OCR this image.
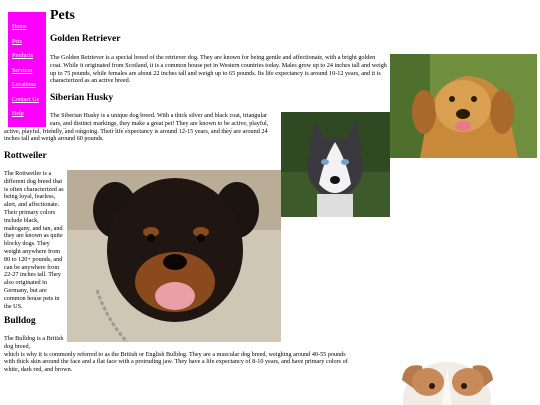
Home
Pets
Products
Services
Locations
Contact Us
Help
Pets
Golden Retriever

The Golden Retriever is a special breed of the retriever dog. They are known for being gentle and affectionate, with a bright golden coat. While it originated from Scotland, it is a common house pet in Western countries today. Males grow up to 24 inches tall and weigh up to 75 pounds, while females are about 22 inches tall and weigh up to 65 pounds. Its life expectancy is around 10-12 years, and it is characterized as an active breed.

Siberian Husky

The Siberian Husky is a unique dog breed. With a thick silver and black coat, triangular ears, and distinct markings, they make a great pet! They are known to be active, playful,

active, playful, friendly, and outgoing. Their life expectancy is around 12-15 years, and they are around 24 inches tall and weigh around 60 pounds.

Rottweiler

The Rottweiler is a different dog breed that is often characterized as being loyal, fearless, alert, and affectionate. Their primary colors include black, mahogany, and tan, and they are known as quite blocky dogs. They weight anywhere from 80 to 120+ pounds, and can be anywhere from 22-27 inches tall. They also originated in Germany, but are common house pets in the US.

Bulldog

The Bulldog is a British dog breed,

which is why it is commonly referred to as the British or English Bulldog. They are a muscular dog breed, weighing around 40-55 pounds with thick skin around the face and a flat face with a protruding jaw. They have a life expectancy of 8-10 years, and have primary colors of white, dark red, and brown.
